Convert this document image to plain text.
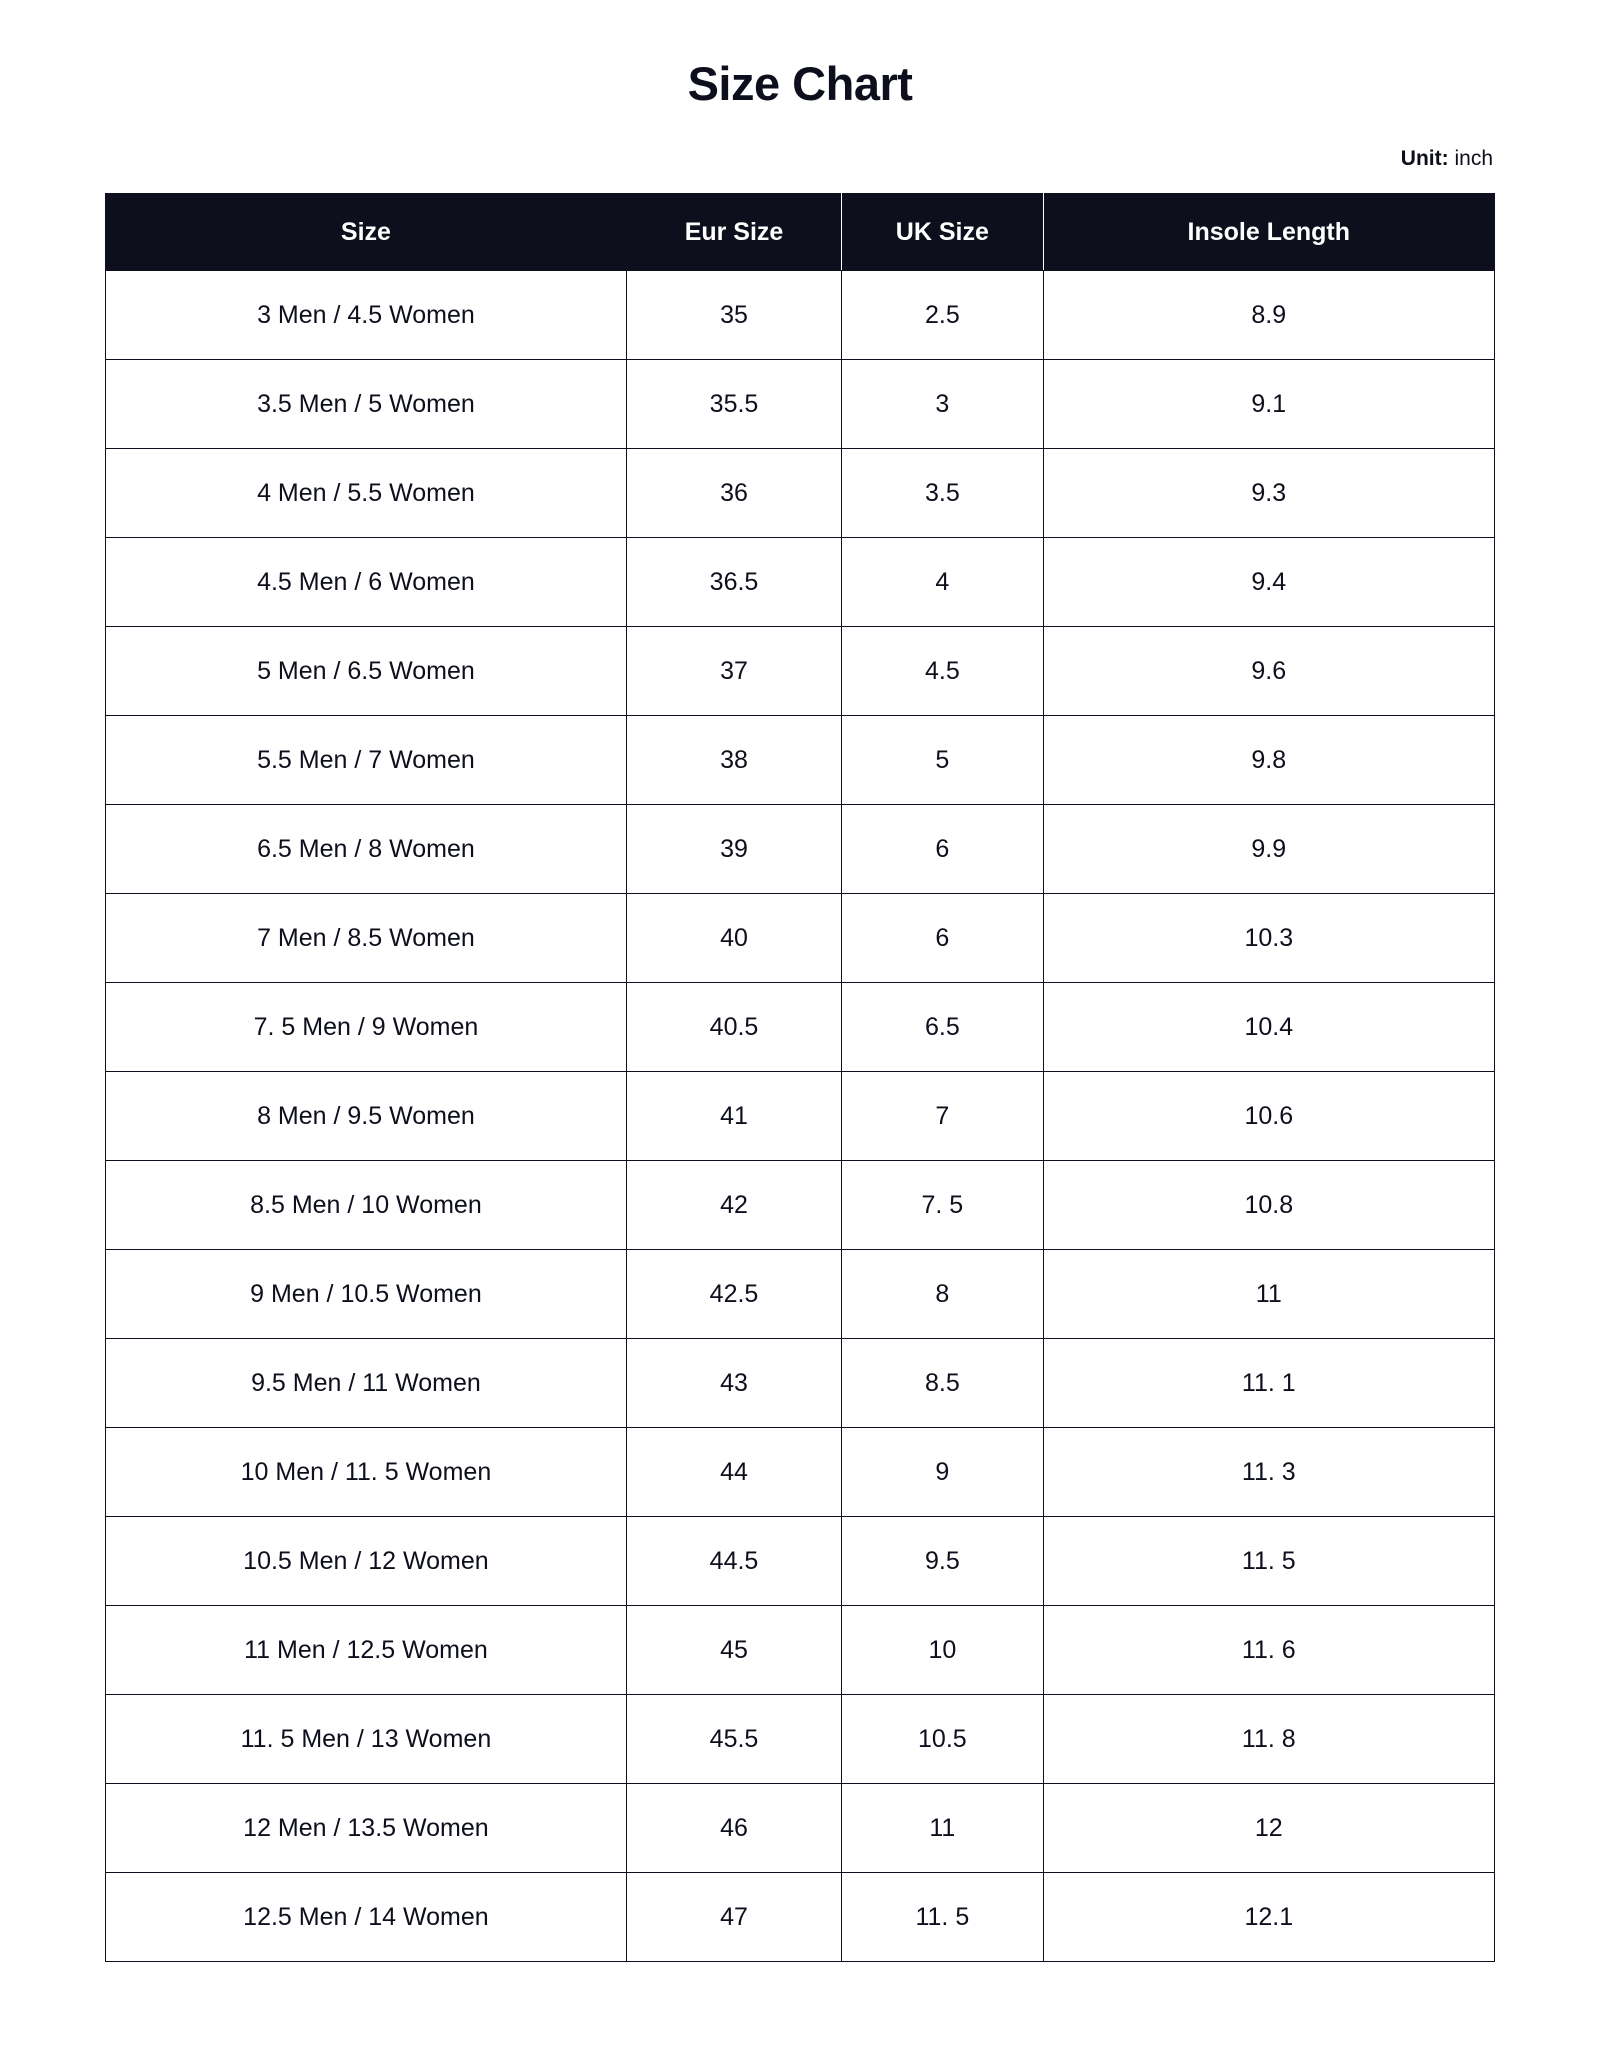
Size Chart
Unit: inch
Size	Eur Size	UK Size	Insole Length
3 Men / 4.5 Women	35	2.5	8.9
3.5 Men / 5 Women	35.5	3	9.1
4 Men / 5.5 Women	36	3.5	9.3
4.5 Men / 6 Women	36.5	4	9.4
5 Men / 6.5 Women	37	4.5	9.6
5.5 Men / 7 Women	38	5	9.8
6.5 Men / 8 Women	39	6	9.9
7 Men / 8.5 Women	40	6	10.3
7. 5 Men / 9 Women	40.5	6.5	10.4
8 Men / 9.5 Women	41	7	10.6
8.5 Men / 10 Women	42	7. 5	10.8
9 Men / 10.5 Women	42.5	8	11
9.5 Men / 11 Women	43	8.5	11. 1
10 Men / 11. 5 Women	44	9	11. 3
10.5 Men / 12 Women	44.5	9.5	11. 5
11 Men / 12.5 Women	45	10	11. 6
11. 5 Men / 13 Women	45.5	10.5	11. 8
12 Men / 13.5 Women	46	11	12
12.5 Men / 14 Women	47	11. 5	12.1
